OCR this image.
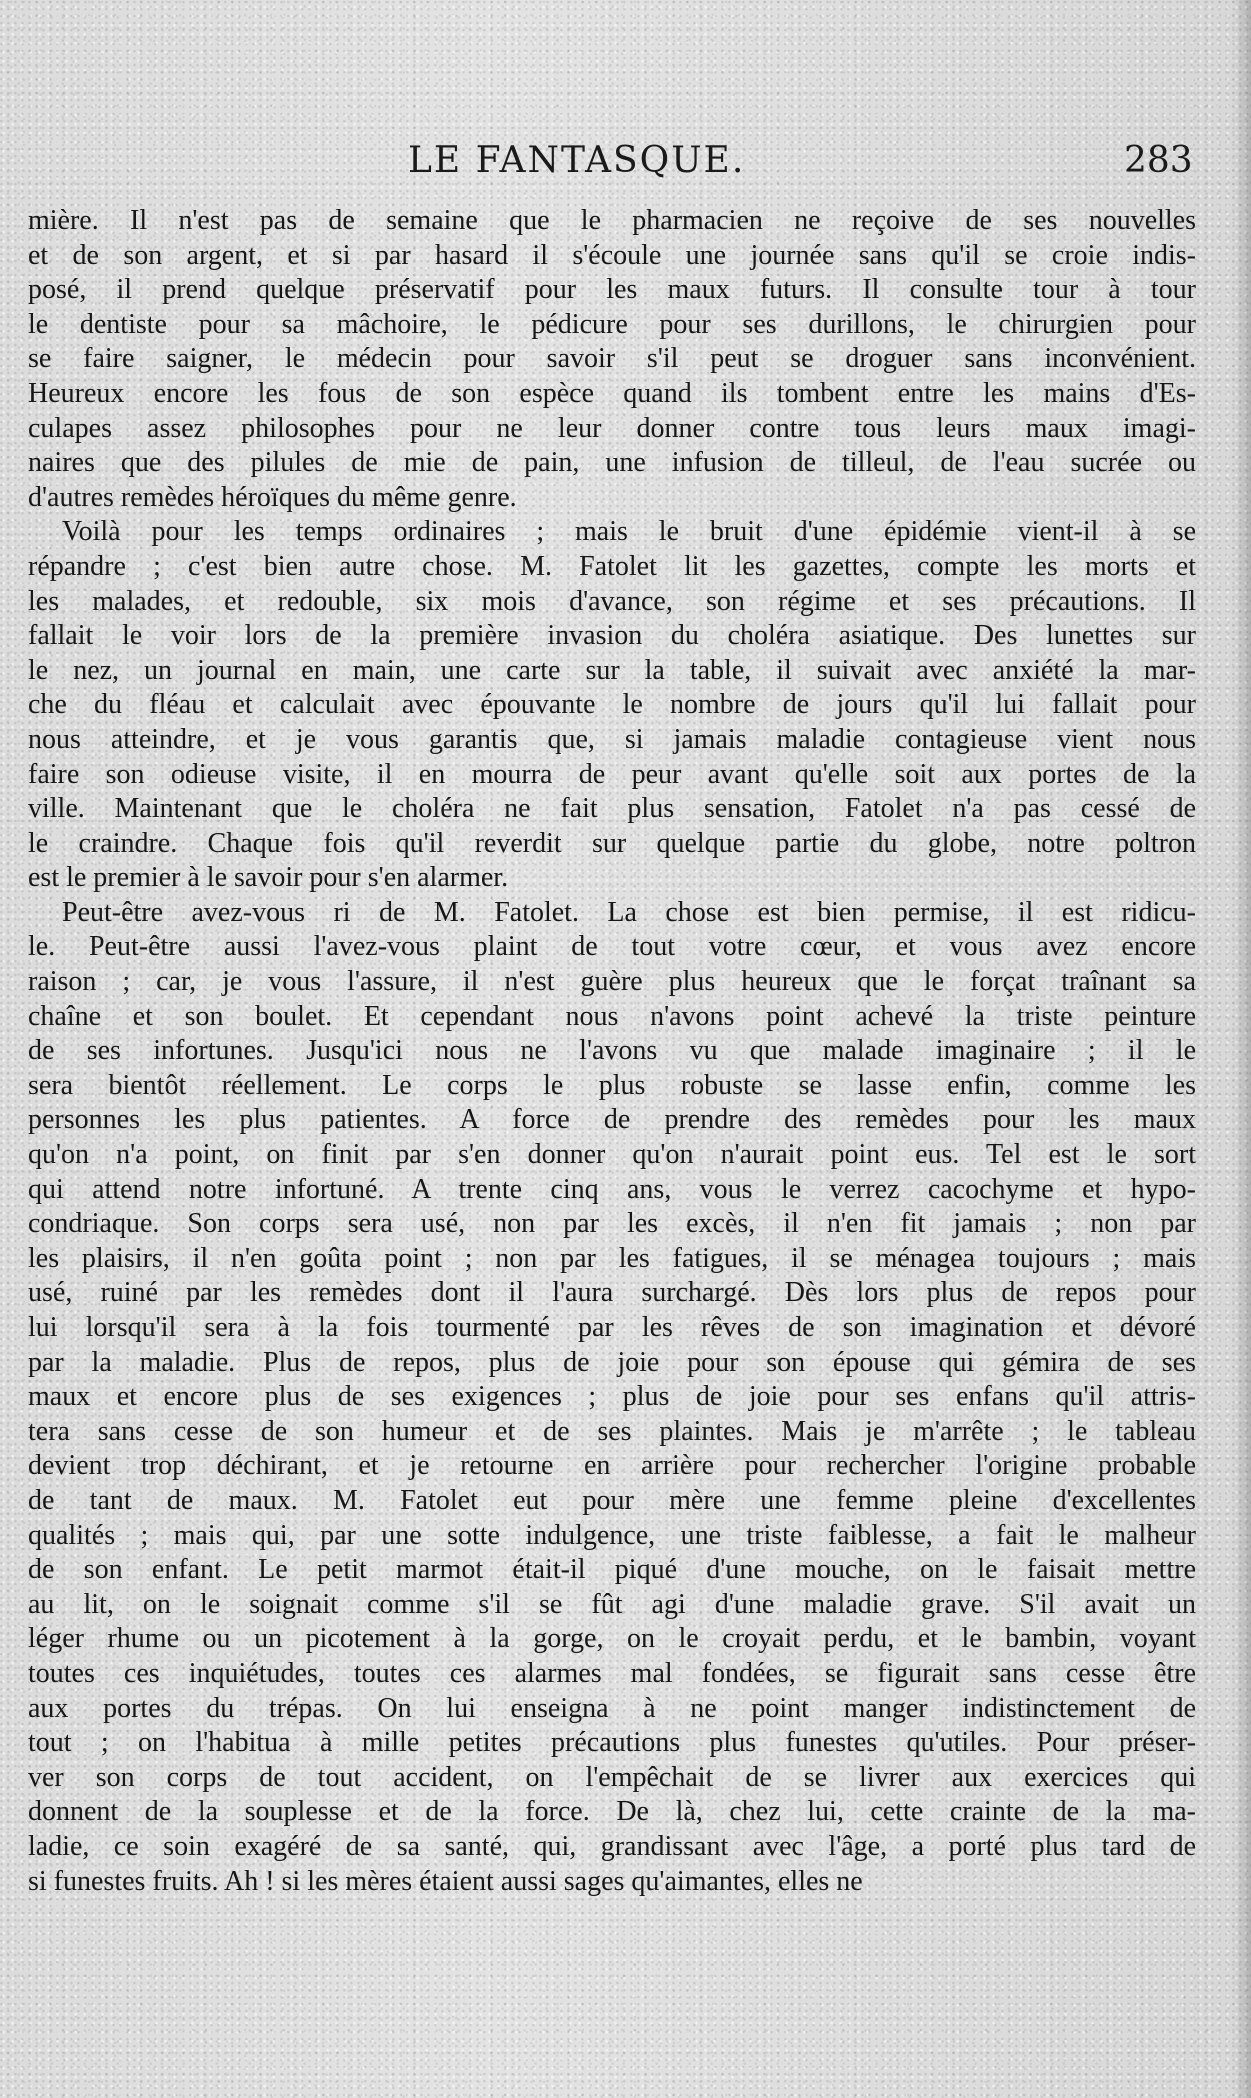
LE FANTASQUE.	283
mière. Il n'est pas de semaine que le pharmacien ne reçoive de ses nouvelles
et de son argent, et si par hasard il s'écoule une journée sans qu'il se croie indis-
posé, il prend quelque préservatif pour les maux futurs. Il consulte tour à tour
le dentiste pour sa mâchoire, le pédicure pour ses durillons, le chirurgien pour
se faire saigner, le médecin pour savoir s'il peut se droguer sans inconvénient.
Heureux encore les fous de son espèce quand ils tombent entre les mains d'Es-
culapes assez philosophes pour ne leur donner contre tous leurs maux imagi-
naires que des pilules de mie de pain, une infusion de tilleul, de l'eau sucrée ou
d'autres remèdes héroïques du même genre.
Voilà pour les temps ordinaires ; mais le bruit d'une épidémie vient-il à se
répandre ; c'est bien autre chose. M. Fatolet lit les gazettes, compte les morts et
les malades, et redouble, six mois d'avance, son régime et ses précautions. Il
fallait le voir lors de la première invasion du choléra asiatique. Des lunettes sur
le nez, un journal en main, une carte sur la table, il suivait avec anxiété la mar-
che du fléau et calculait avec épouvante le nombre de jours qu'il lui fallait pour
nous atteindre, et je vous garantis que, si jamais maladie contagieuse vient nous
faire son odieuse visite, il en mourra de peur avant qu'elle soit aux portes de la
ville. Maintenant que le choléra ne fait plus sensation, Fatolet n'a pas cessé de
le craindre. Chaque fois qu'il reverdit sur quelque partie du globe, notre poltron
est le premier à le savoir pour s'en alarmer.
Peut-être avez-vous ri de M. Fatolet. La chose est bien permise, il est ridicu-
le. Peut-être aussi l'avez-vous plaint de tout votre cœur, et vous avez encore
raison ; car, je vous l'assure, il n'est guère plus heureux que le forçat traînant sa
chaîne et son boulet. Et cependant nous n'avons point achevé la triste peinture
de ses infortunes. Jusqu'ici nous ne l'avons vu que malade imaginaire ; il le
sera bientôt réellement. Le corps le plus robuste se lasse enfin, comme les
personnes les plus patientes. A force de prendre des remèdes pour les maux
qu'on n'a point, on finit par s'en donner qu'on n'aurait point eus. Tel est le sort
qui attend notre infortuné. A trente cinq ans, vous le verrez cacochyme et hypo-
condriaque. Son corps sera usé, non par les excès, il n'en fit jamais ; non par
les plaisirs, il n'en goûta point ; non par les fatigues, il se ménagea toujours ; mais
usé, ruiné par les remèdes dont il l'aura surchargé. Dès lors plus de repos pour
lui lorsqu'il sera à la fois tourmenté par les rêves de son imagination et dévoré
par la maladie. Plus de repos, plus de joie pour son épouse qui gémira de ses
maux et encore plus de ses exigences ; plus de joie pour ses enfans qu'il attris-
tera sans cesse de son humeur et de ses plaintes. Mais je m'arrête ; le tableau
devient trop déchirant, et je retourne en arrière pour rechercher l'origine probable
de tant de maux. M. Fatolet eut pour mère une femme pleine d'excellentes
qualités ; mais qui, par une sotte indulgence, une triste faiblesse, a fait le malheur
de son enfant. Le petit marmot était-il piqué d'une mouche, on le faisait mettre
au lit, on le soignait comme s'il se fût agi d'une maladie grave. S'il avait un
léger rhume ou un picotement à la gorge, on le croyait perdu, et le bambin, voyant
toutes ces inquiétudes, toutes ces alarmes mal fondées, se figurait sans cesse être
aux portes du trépas. On lui enseigna à ne point manger indistinctement de
tout ; on l'habitua à mille petites précautions plus funestes qu'utiles. Pour préser-
ver son corps de tout accident, on l'empêchait de se livrer aux exercices qui
donnent de la souplesse et de la force. De là, chez lui, cette crainte de la ma-
ladie, ce soin exagéré de sa santé, qui, grandissant avec l'âge, a porté plus tard de
si funestes fruits. Ah ! si les mères étaient aussi sages qu'aimantes, elles ne
